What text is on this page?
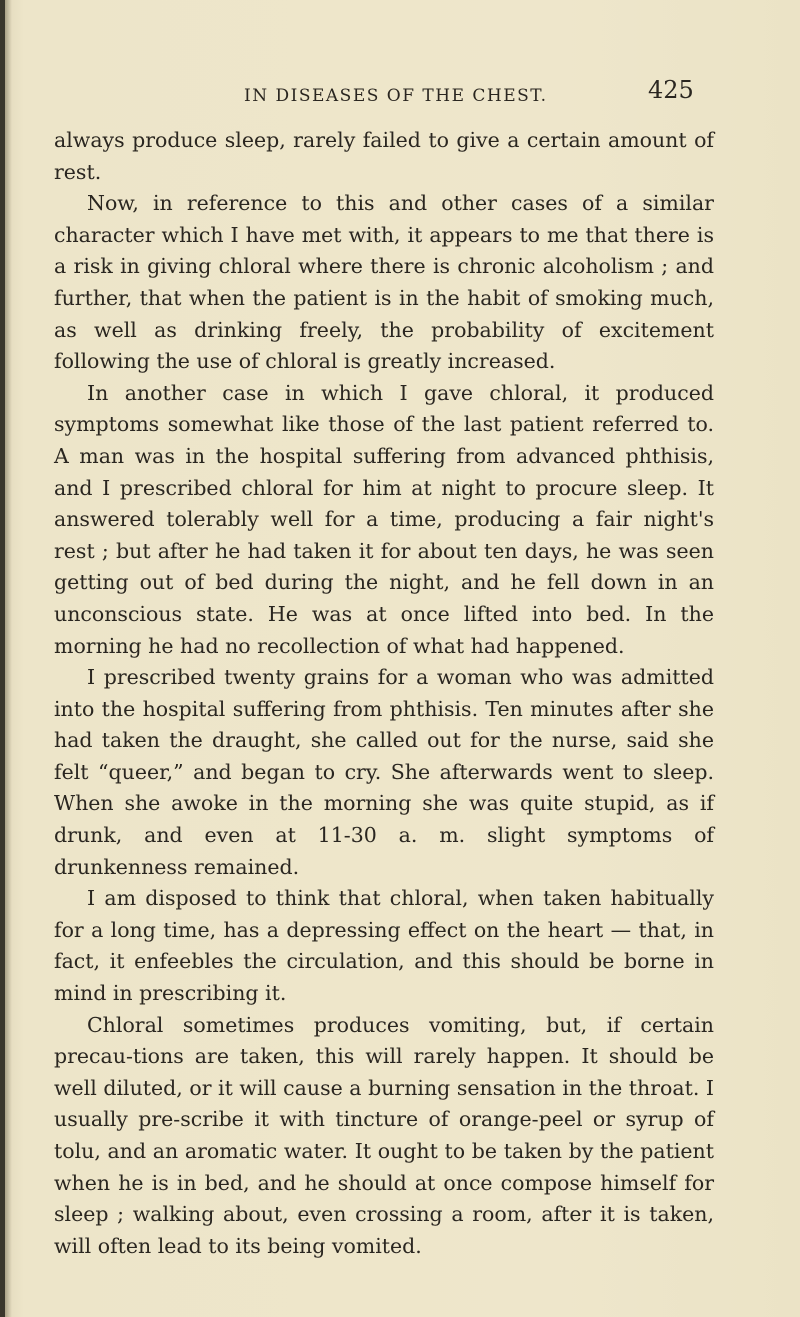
IN DISEASES OF THE CHEST.	425

always produce sleep, rarely failed to give a certain amount of rest.

Now, in reference to this and other cases of a similar character which I have met with, it appears to me that there is a risk in giving chloral where there is chronic alcoholism ; and further, that when the patient is in the habit of smoking much, as well as drinking freely, the probability of excitement following the use of chloral is greatly increased.

In another case in which I gave chloral, it produced symptoms somewhat like those of the last patient referred to. A man was in the hospital suffering from advanced phthisis, and I prescribed chloral for him at night to procure sleep. It answered tolerably well for a time, producing a fair night's rest ; but after he had taken it for about ten days, he was seen getting out of bed during the night, and he fell down in an unconscious state. He was at once lifted into bed. In the morning he had no recollection of what had happened.

I prescribed twenty grains for a woman who was admitted into the hospital suffering from phthisis. Ten minutes after she had taken the draught, she called out for the nurse, said she felt “queer,” and began to cry. She afterwards went to sleep. When she awoke in the morning she was quite stupid, as if drunk, and even at 11-30 a. m. slight symptoms of drunkenness remained.

I am disposed to think that chloral, when taken habitually for a long time, has a depressing effect on the heart — that, in fact, it enfeebles the circulation, and this should be borne in mind in prescribing it.

Chloral sometimes produces vomiting, but, if certain precau-tions are taken, this will rarely happen. It should be well diluted, or it will cause a burning sensation in the throat. I usually pre-scribe it with tincture of orange-peel or syrup of tolu, and an aromatic water. It ought to be taken by the patient when he is in bed, and he should at once compose himself for sleep ; walking about, even crossing a room, after it is taken, will often lead to its being vomited.
